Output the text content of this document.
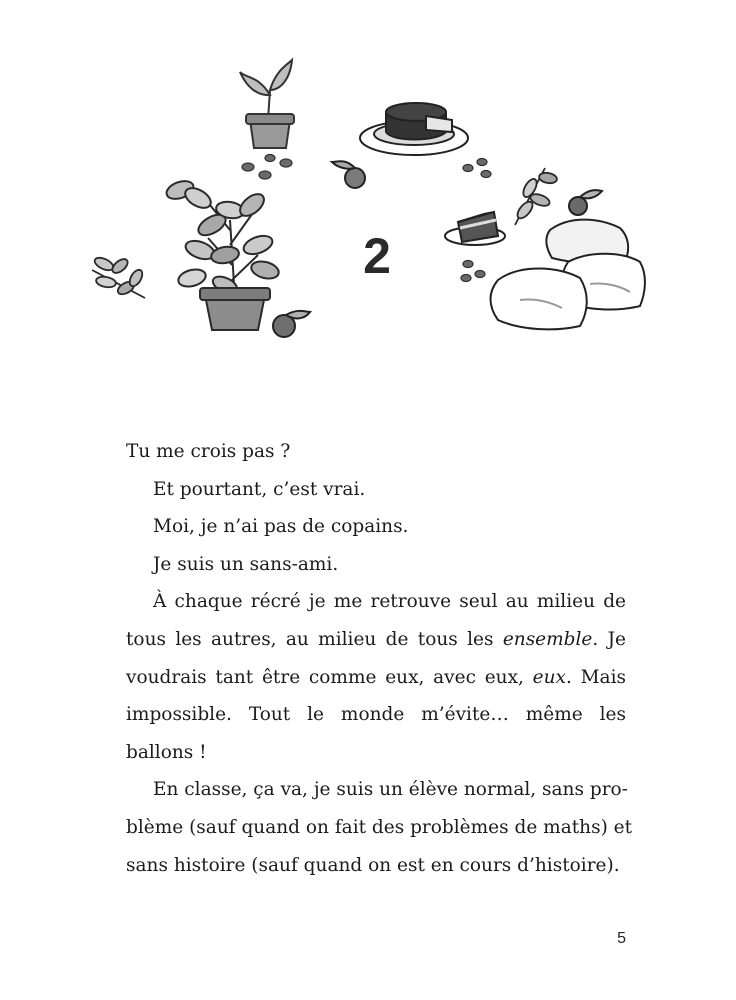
2
Tu me crois pas ?
Et pourtant, c’est vrai.
Moi, je n’ai pas de copains.
Je suis un sans-ami.
À chaque récré je me retrouve seul au milieu de
tous les autres, au milieu de tous les ensemble. Je
voudrais tant être comme eux, avec eux, eux. Mais
impossible. Tout le monde m’évite… même les
ballons !
En classe, ça va, je suis un élève normal, sans pro-
blème (sauf quand on fait des problèmes de maths) et
sans histoire (sauf quand on est en cours d’histoire).
5
